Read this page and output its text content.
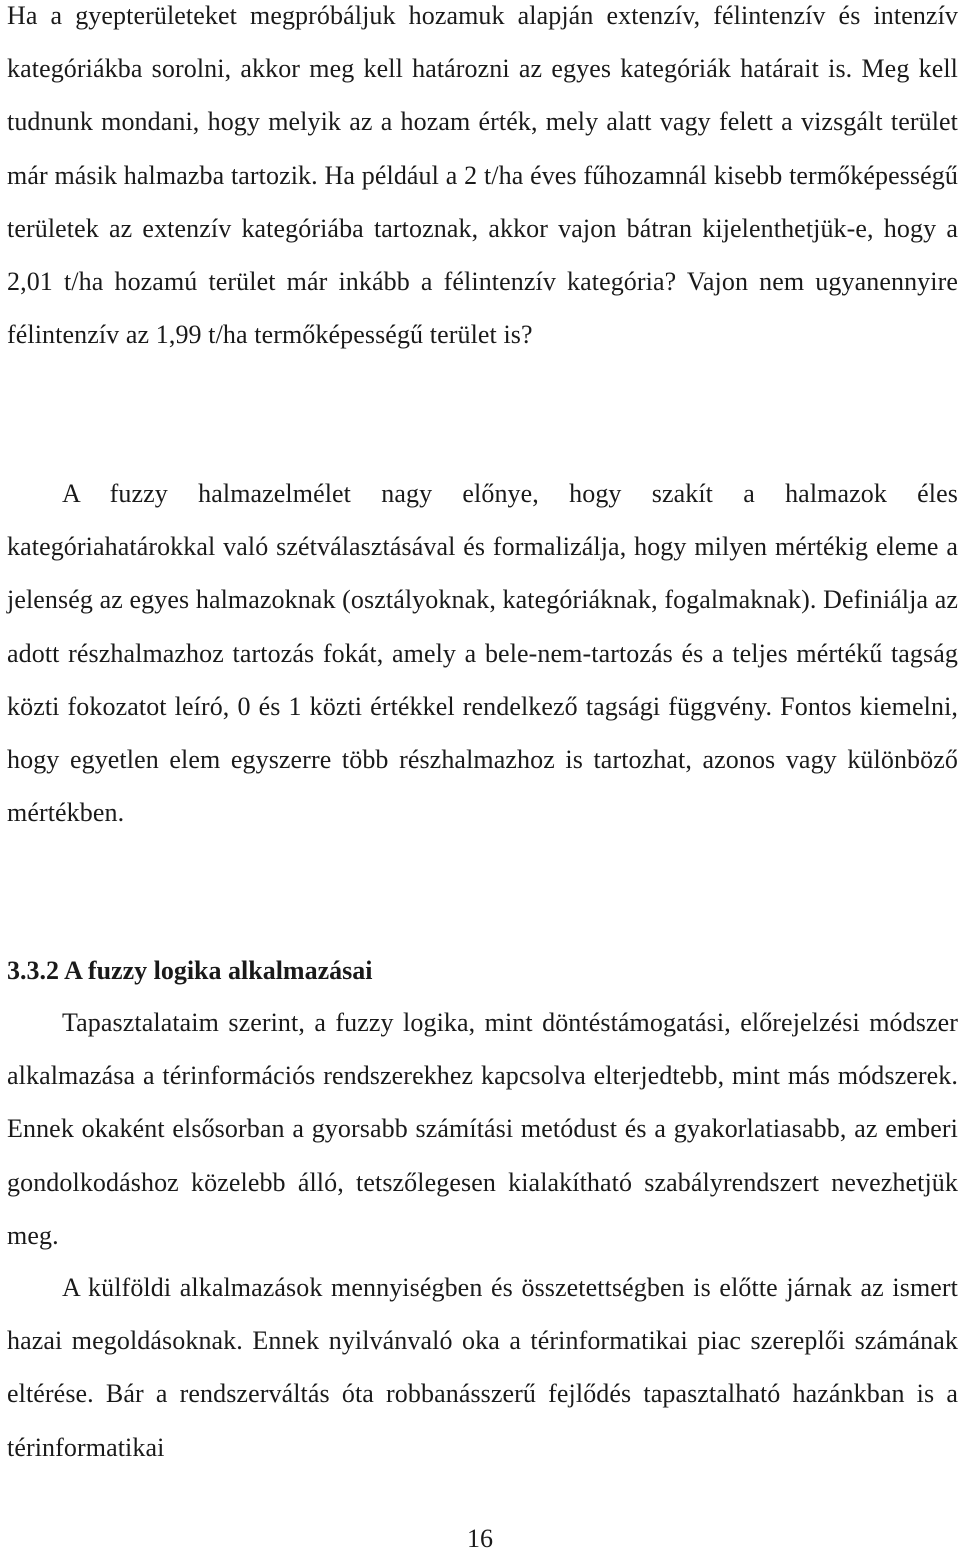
Ha a gyepterületeket megpróbáljuk hozamuk alapján extenzív, félintenzív és intenzív kategóriákba sorolni, akkor meg kell határozni az egyes kategóriák határait is. Meg kell tudnunk mondani, hogy melyik az a hozam érték, mely alatt vagy felett a vizsgált terület már másik halmazba tartozik. Ha például a 2 t/ha éves fűhozamnál kisebb termőképességű területek az extenzív kategóriába tartoznak, akkor vajon bátran kijelenthetjük-e, hogy a 2,01 t/ha hozamú terület már inkább a félintenzív kategória? Vajon nem ugyanennyire félintenzív az 1,99 t/ha termőképességű terület is?

A fuzzy halmazelmélet nagy előnye, hogy szakít a halmazok éles kategóriahatárokkal való szétválasztásával és formalizálja, hogy milyen mértékig eleme a jelenség az egyes halmazoknak (osztályoknak, kategóriáknak, fogalmaknak). Definiálja az adott részhalmazhoz tartozás fokát, amely a bele-nem-tartozás és a teljes mértékű tagság közti fokozatot leíró, 0 és 1 közti értékkel rendelkező tagsági függvény. Fontos kiemelni, hogy egyetlen elem egyszerre több részhalmazhoz is tartozhat, azonos vagy különböző mértékben.

3.3.2 A fuzzy logika alkalmazásai

Tapasztalataim szerint, a fuzzy logika, mint döntéstámogatási, előrejelzési módszer alkalmazása a térinformációs rendszerekhez kapcsolva elterjedtebb, mint más módszerek. Ennek okaként elsősorban a gyorsabb számítási metódust és a gyakorlatiasabb, az emberi gondolkodáshoz közelebb álló, tetszőlegesen kialakítható szabályrendszert nevezhetjük meg.

A külföldi alkalmazások mennyiségben és összetettségben is előtte járnak az ismert hazai megoldásoknak. Ennek nyilvánvaló oka a térinformatikai piac szereplői számának eltérése. Bár a rendszerváltás óta robbanásszerű fejlődés tapasztalható hazánkban is a térinformatikai

16
